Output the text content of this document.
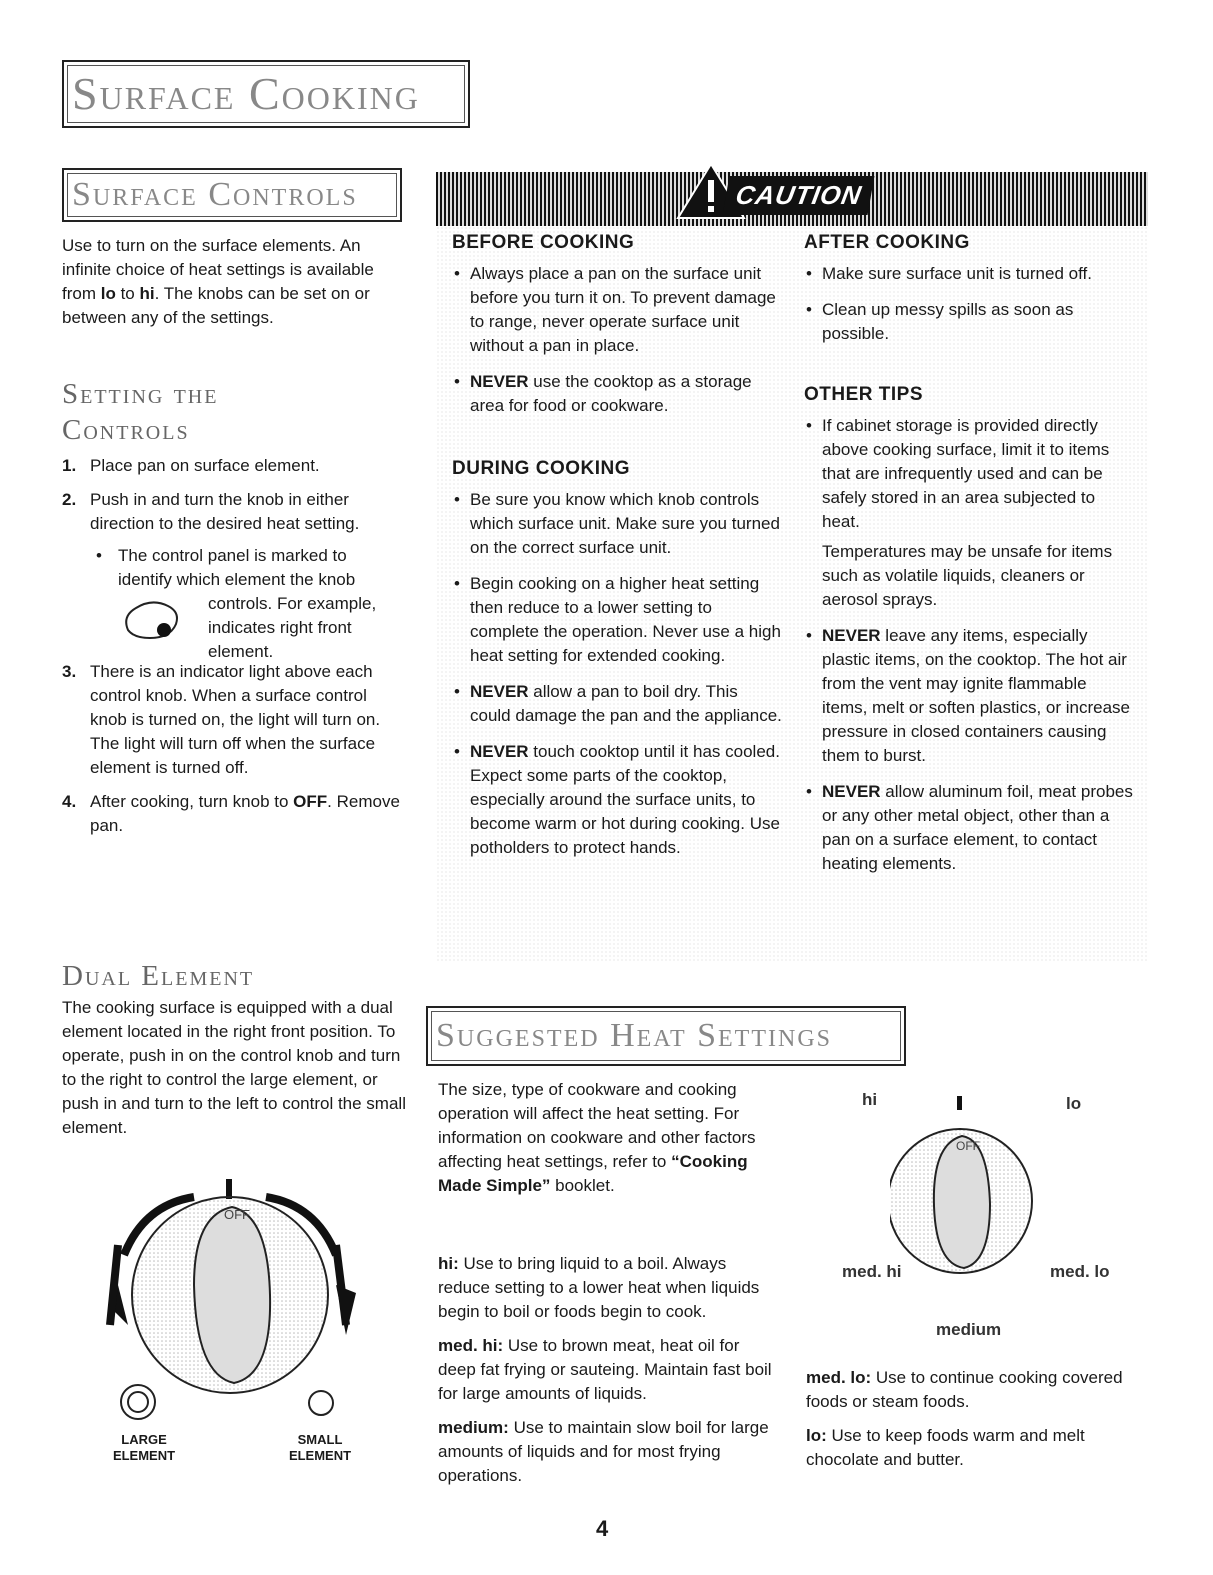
Surface Cooking
Surface Controls
Use to turn on the surface elements. An infinite choice of heat settings is available from lo to hi. The knobs can be set on or between any of the settings.
Setting the
Controls
1. Place pan on surface element.
2. Push in and turn the knob in either direction to the desired heat setting.
• The control panel is marked to
identify which element the knob
controls. For example,
indicates right front
element.
3. There is an indicator light above each control knob. When a surface control knob is turned on, the light will turn on. The light will turn off when the surface element is turned off.
4. After cooking, turn knob to OFF. Remove pan.
Dual Element
The cooking surface is equipped with a dual element located in the right front position. To operate, push in on the control knob and turn to the right to control the large element, or push in and turn to the left to control the small element.
OFF
LARGE
ELEMENT
SMALL
ELEMENT
CAUTION
BEFORE COOKING
• Always place a pan on the surface unit before you turn it on. To prevent damage to range, never operate surface unit without a pan in place.
• NEVER use the cooktop as a storage area for food or cookware.
DURING COOKING
• Be sure you know which knob controls which surface unit. Make sure you turned on the correct surface unit.
• Begin cooking on a higher heat setting then reduce to a lower setting to complete the operation. Never use a high heat setting for extended cooking.
• NEVER allow a pan to boil dry. This could damage the pan and the appliance.
• NEVER touch cooktop until it has cooled. Expect some parts of the cooktop, especially around the surface units, to become warm or hot during cooking. Use potholders to protect hands.
AFTER COOKING
• Make sure surface unit is turned off.
• Clean up messy spills as soon as possible.
OTHER TIPS
• If cabinet storage is provided directly above cooking surface, limit it to items that are infrequently used and can be safely stored in an area subjected to heat.
Temperatures may be unsafe for items such as volatile liquids, cleaners or aerosol sprays.
• NEVER leave any items, especially plastic items, on the cooktop. The hot air from the vent may ignite flammable items, melt or soften plastics, or increase pressure in closed containers causing them to burst.
• NEVER allow aluminum foil, meat probes or any other metal object, other than a pan on a surface element, to contact heating elements.
Suggested Heat Settings
The size, type of cookware and cooking operation will affect the heat setting. For information on cookware and other factors affecting heat settings, refer to “Cooking Made Simple” booklet.

hi: Use to bring liquid to a boil. Always reduce setting to a lower heat when liquids begin to boil or foods begin to cook.

med. hi: Use to brown meat, heat oil for deep fat frying or sauteing. Maintain fast boil for large amounts of liquids.

medium: Use to maintain slow boil for large amounts of liquids and for most frying operations.

hi	lo
med. hi	med. lo
medium
OFF

med. lo: Use to continue cooking covered foods or steam foods.

lo: Use to keep foods warm and melt chocolate and butter.

4
